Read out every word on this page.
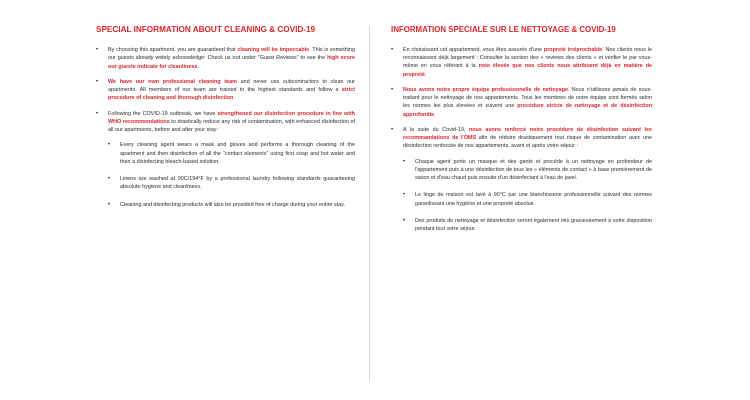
SPECIAL INFORMATION ABOUT CLEANING & COVID-19
• By choosing this apartment, you are guaranteed that cleaning will be impeccable. This is something our guests already widely acknowledge: Check us out under "Guest Reviews" to see the high score our guests indicate for cleanliness.
• We have our own professional cleaning team and never use subcontractors to clean our apartments. All members of our team are trained to the highest standards and follow a strict procedure of cleaning and thorough disinfection.
• Following the COVID-19 outbreak, we have strengthened our disinfection procedure in line with WHO recommendations to drastically reduce any risk of contamination, with enhanced disinfection of all our apartments, before and after your stay:
• Every cleaning agent wears a mask and gloves and performs a thorough cleaning of the apartment and then disinfection of all the "contact elements" using first soap and hot water and then a disinfecting bleach-based solution.
• Linens are washed at 90C/194°F by a professional laundry following standards guaranteeing absolute hygiene and cleanliness.
• Cleaning and disinfecting products will also be provided free of charge during your entire stay.
INFORMATION SPECIALE SUR LE NETTOYAGE & COVID-19
• En choisissant cet appartement, vous êtes assurés d'une propreté irréprochable. Nos clients nous le reconnaissent déjà largement : Consulter la section des « reviews des clients » et vérifier le par vous-même en vous référant à la note élevée que nos clients nous attribuent déjà en matière de propreté.
• Nous avons notre propre équipe professionnelle de nettoyage. Nous n'utilisons jamais de sous-traitant pour le nettoyage de nos appartements. Tous les membres de notre équipe sont formés selon les normes les plus élevées et suivent une procédure stricte de nettoyage et de désinfection approfondie.
• A la suite du Covid-19, nous avons renforcé notre procédure de désinfection suivant les recommandations de l'OMS afin de réduire drastiquement tout risque de contamination avec une désinfection renforcée de nos appartements, avant et après votre séjour :
• Chaque agent porte un masque et des gants et procède à un nettoyage en profondeur de l'appartement puis à une désinfection de tous les « éléments de contact » à base premièrement de savon et d'eau chaud puis ensuite d'un désinfectant à l'eau de javel.
• Le linge de maison est lavé à 90°C par une blanchisserie professionnelle suivant des normes garantissant une hygiène et une propreté absolue.
• Des produits de nettoyage et désinfection seront également mis gracieusement à votre disposition pendant tout votre séjour.
